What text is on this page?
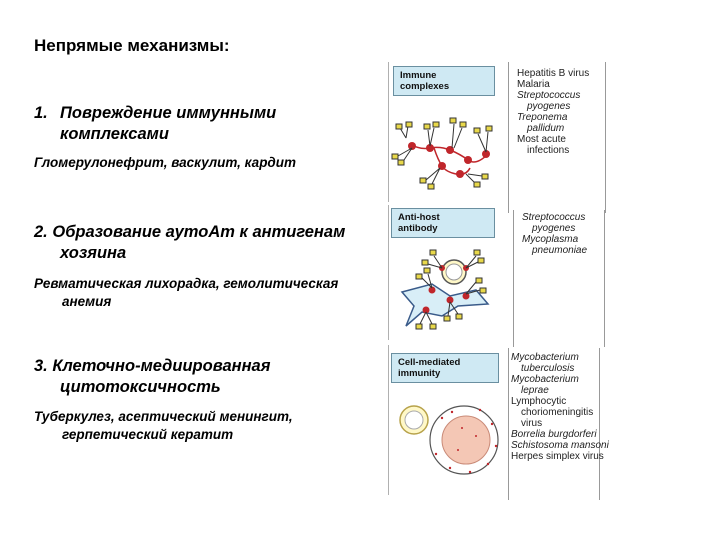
Непрямые механизмы:
1. Повреждение иммунными
комплексами
Гломерулонефрит, васкулит, кардит
2. Образование аутоАт к антигенам
хозяина
Ревматическая лихорадка, гемолитическая
анемия
3. Клеточно-медиированная
цитотоксичность
Туберкулез, асептический менингит,
герпетический кератит
Immune
complexes
Hepatitis B virus
Malaria
Streptococcus
pyogenes
Treponema
pallidum
Most acute
infections
Anti-host
antibody
Streptococcus
pyogenes
Mycoplasma
pneumoniae
Cell-mediated
immunity
Mycobacterium
tuberculosis
Mycobacterium
leprae
Lymphocytic
choriomeningitis
virus
Borrelia burgdorferi
Schistosoma mansoni
Herpes simplex virus
